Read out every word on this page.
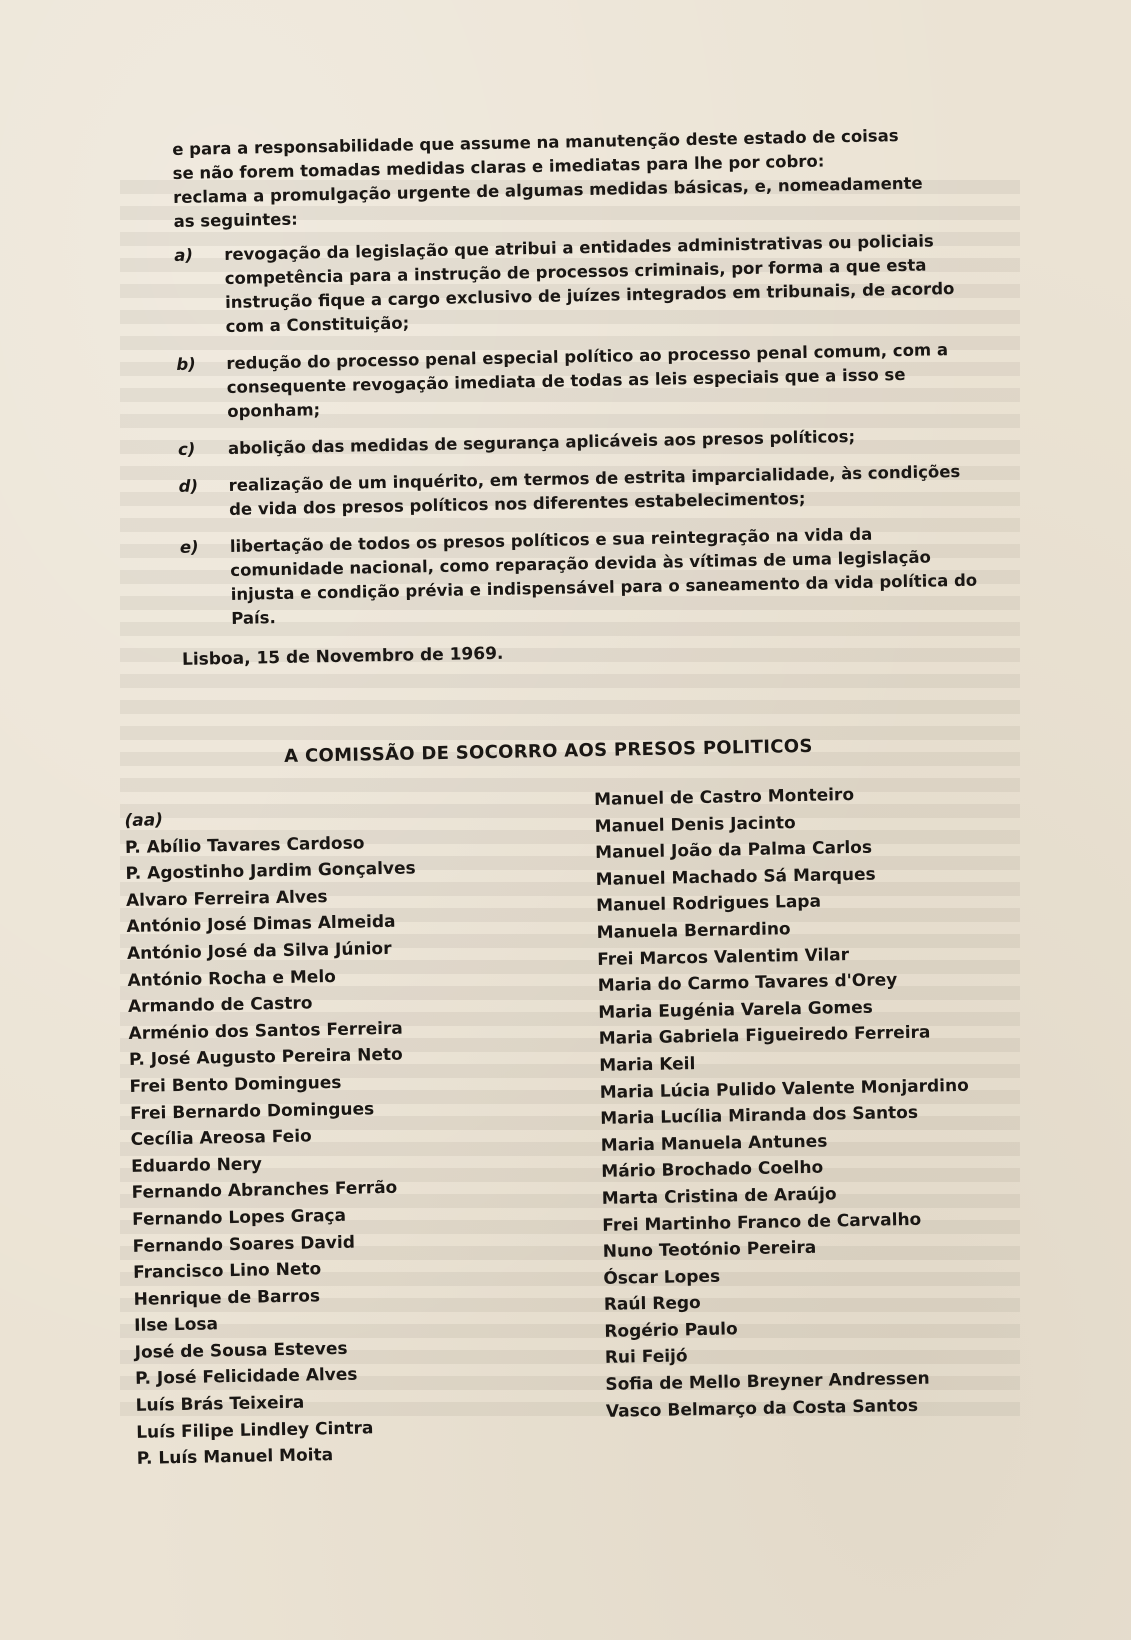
e para a responsabilidade que assume na manutenção deste estado de coisas

se não forem tomadas medidas claras e imediatas para lhe por cobro:

reclama a promulgação urgente de algumas medidas básicas, e, nomeadamente

as seguintes:

a)	revogação da legislação que atribui a entidades administrativas ou policiais competência para a instrução de processos criminais, por forma a que esta instrução fique a cargo exclusivo de juízes integrados em tribunais, de acordo com a Constituição;
b)	redução do processo penal especial político ao processo penal comum, com a consequente revogação imediata de todas as leis especiais que a isso se oponham;
c)	abolição das medidas de segurança aplicáveis aos presos políticos;
d)	realização de um inquérito, em termos de estrita imparcialidade, às condições de vida dos presos políticos nos diferentes estabelecimentos;
e)	libertação de todos os presos políticos e sua reintegração na vida da comunidade nacional, como reparação devida às vítimas de uma legislação injusta e condição prévia e indispensável para o saneamento da vida política do País.
Lisboa, 15 de Novembro de 1969.
A COMISSÃO DE SOCORRO AOS PRESOS POLITICOS
(aa)
P. Abílio Tavares Cardoso
P. Agostinho Jardim Gonçalves
Alvaro Ferreira Alves
António José Dimas Almeida
António José da Silva Júnior
António Rocha e Melo
Armando de Castro
Arménio dos Santos Ferreira
P. José Augusto Pereira Neto
Frei Bento Domingues
Frei Bernardo Domingues
Cecília Areosa Feio
Eduardo Nery
Fernando Abranches Ferrão
Fernando Lopes Graça
Fernando Soares David
Francisco Lino Neto
Henrique de Barros
Ilse Losa
José de Sousa Esteves
P. José Felicidade Alves
Luís Brás Teixeira
Luís Filipe Lindley Cintra
P. Luís Manuel Moita
Manuel de Castro Monteiro
Manuel Denis Jacinto
Manuel João da Palma Carlos
Manuel Machado Sá Marques
Manuel Rodrigues Lapa
Manuela Bernardino
Frei Marcos Valentim Vilar
Maria do Carmo Tavares d'Orey
Maria Eugénia Varela Gomes
Maria Gabriela Figueiredo Ferreira
Maria Keil
Maria Lúcia Pulido Valente Monjardino
Maria Lucília Miranda dos Santos
Maria Manuela Antunes
Mário Brochado Coelho
Marta Cristina de Araújo
Frei Martinho Franco de Carvalho
Nuno Teotónio Pereira
Óscar Lopes
Raúl Rego
Rogério Paulo
Rui Feijó
Sofia de Mello Breyner Andressen
Vasco Belmarço da Costa Santos
